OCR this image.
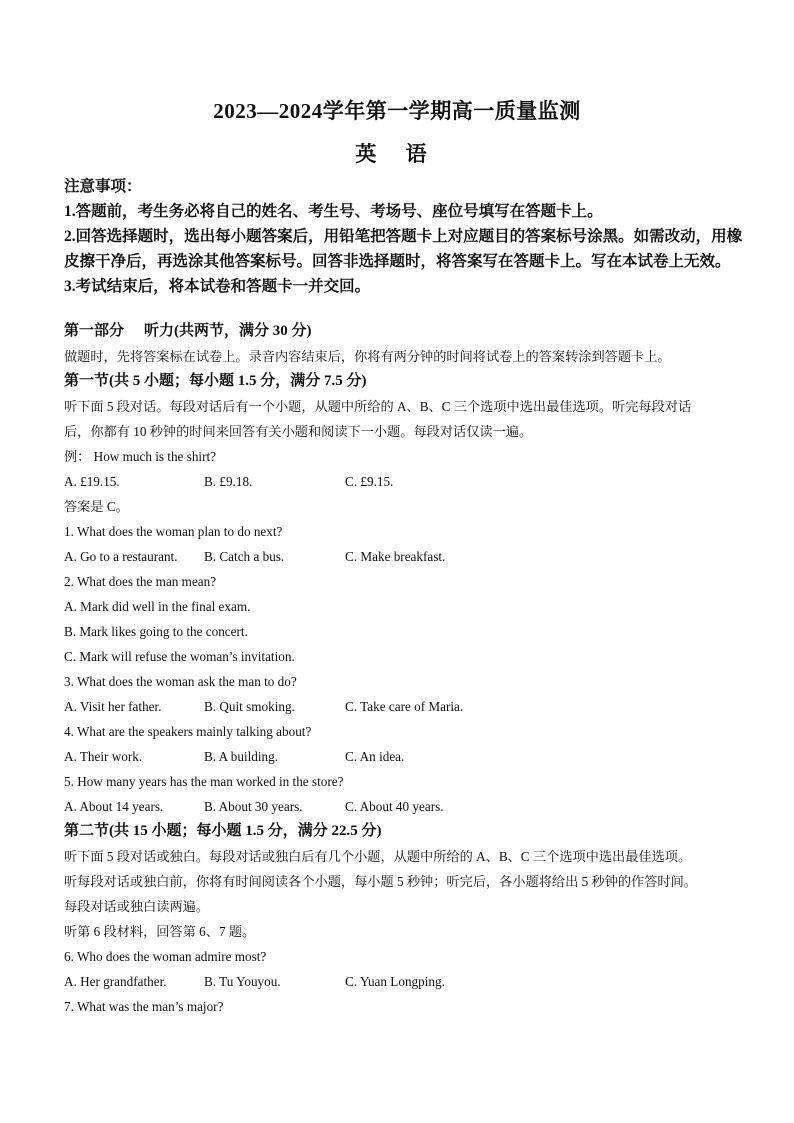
2023—2024学年第一学期高一质量监测
英 语

注意事项：

1.答题前，考生务必将自己的姓名、考生号、考场号、座位号填写在答题卡上。

2.回答选择题时，选出每小题答案后，用铅笔把答题卡上对应题目的答案标号涂黑。如需改动，用橡皮擦干净后，再选涂其他答案标号。回答非选择题时，将答案写在答题卡上。写在本试卷上无效。

3.考试结束后，将本试卷和答题卡一并交回。

第一部分 听力(共两节，满分 30 分)

做题时，先将答案标在试卷上。录音内容结束后，你将有两分钟的时间将试卷上的答案转涂到答题卡上。

第一节(共 5 小题；每小题 1.5 分，满分 7.5 分)

听下面 5 段对话。每段对话后有一个小题，从题中所给的 A、B、C 三个选项中选出最佳选项。听完每段对话

后，你都有 10 秒钟的时间来回答有关小题和阅读下一小题。每段对话仅读一遍。

例： How much is the shirt?

A. £19.15.	B. £9.18.	C. £9.15.

答案是 C。

1. What does the woman plan to do next?

A. Go to a restaurant.	B. Catch a bus.	C. Make breakfast.

2. What does the man mean?

A. Mark did well in the final exam.

B. Mark likes going to the concert.

C. Mark will refuse the woman’s invitation.

3. What does the woman ask the man to do?

A. Visit her father.	B. Quit smoking.	C. Take care of Maria.

4. What are the speakers mainly talking about?

A. Their work.	B. A building.	C. An idea.

5. How many years has the man worked in the store?

A. About 14 years.	B. About 30 years.	C. About 40 years.

第二节(共 15 小题；每小题 1.5 分，满分 22.5 分)

听下面 5 段对话或独白。每段对话或独白后有几个小题，从题中所给的 A、B、C 三个选项中选出最佳选项。

听每段对话或独白前，你将有时间阅读各个小题，每小题 5 秒钟；听完后，各小题将给出 5 秒钟的作答时间。

每段对话或独白读两遍。

听第 6 段材料，回答第 6、7 题。

6. Who does the woman admire most?

A. Her grandfather.	B. Tu Youyou.	C. Yuan Longping.

7. What was the man’s major?
